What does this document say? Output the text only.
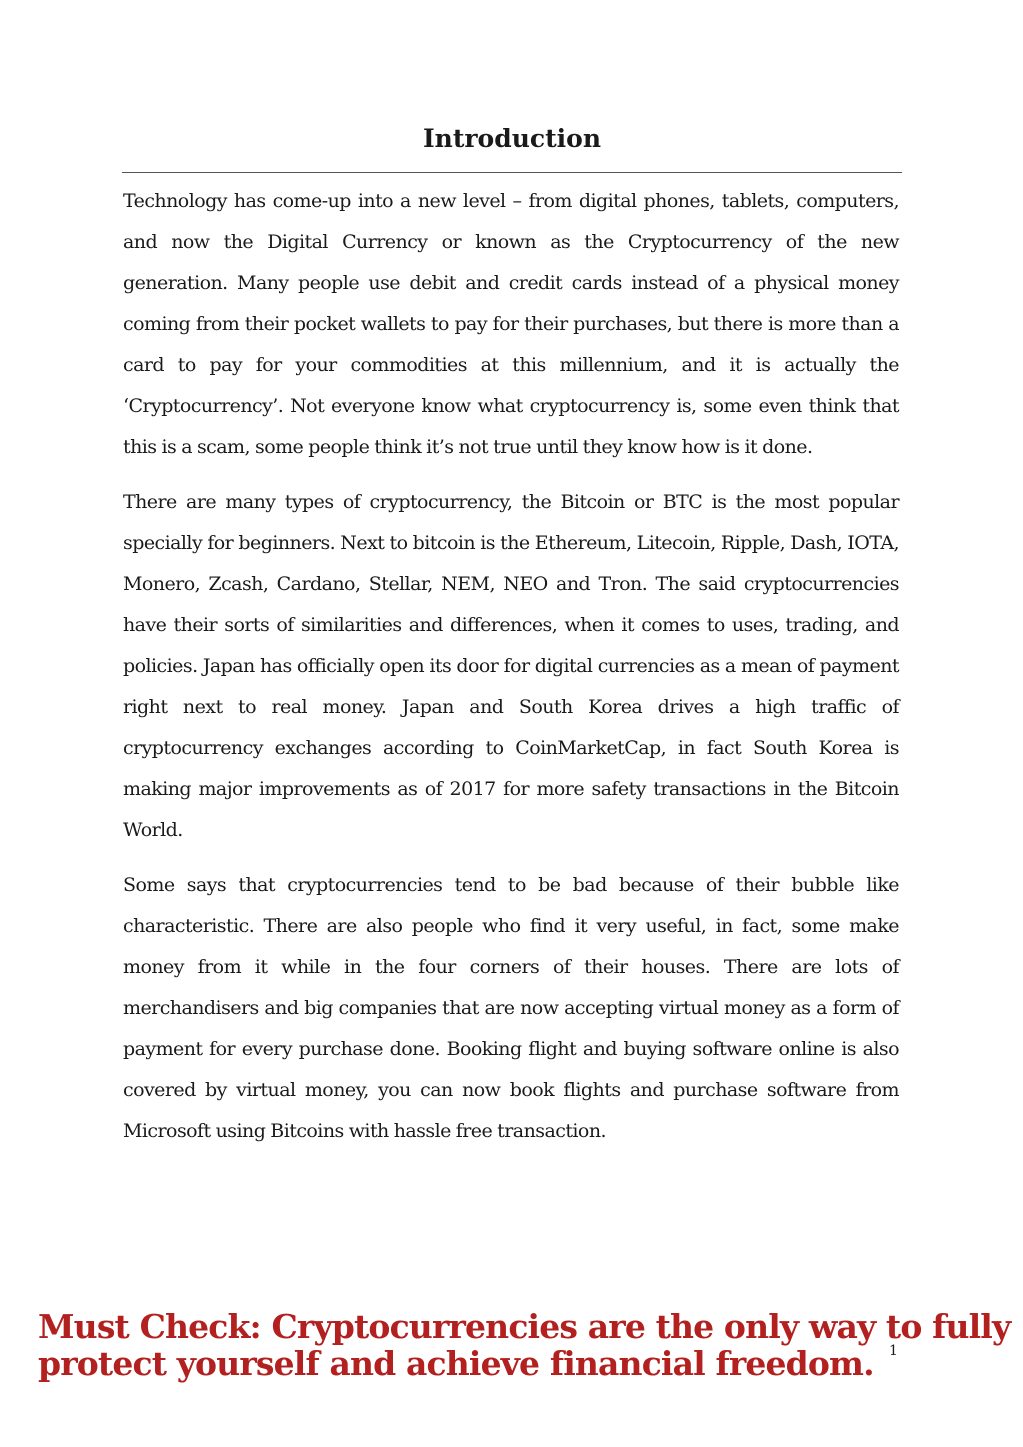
Introduction

Technology has come-up into a new level – from digital phones, tablets, computers, and now the Digital Currency or known as the Cryptocurrency of the new generation. Many people use debit and credit cards instead of a physical money coming from their pocket wallets to pay for their purchases, but there is more than a card to pay for your commodities at this millennium, and it is actually the ‘Cryptocurrency’. Not everyone know what cryptocurrency is, some even think that this is a scam, some people think it’s not true until they know how is it done.

There are many types of cryptocurrency, the Bitcoin or BTC is the most popular specially for beginners. Next to bitcoin is the Ethereum, Litecoin, Ripple, Dash, IOTA, Monero, Zcash, Cardano, Stellar, NEM, NEO and Tron. The said cryptocurrencies have their sorts of similarities and differences, when it comes to uses, trading, and policies. Japan has officially open its door for digital currencies as a mean of payment right next to real money. Japan and South Korea drives a high traffic of cryptocurrency exchanges according to CoinMarketCap, in fact South Korea is making major improvements as of 2017 for more safety transactions in the Bitcoin World.

Some says that cryptocurrencies tend to be bad because of their bubble like characteristic. There are also people who find it very useful, in fact, some make money from it while in the four corners of their houses. There are lots of merchandisers and big companies that are now accepting virtual money as a form of payment for every purchase done. Booking flight and buying software online is also covered by virtual money, you can now book flights and purchase software from Microsoft using Bitcoins with hassle free transaction.

Must Check: Cryptocurrencies are the only way to fully protect yourself and achieve financial freedom.	1
